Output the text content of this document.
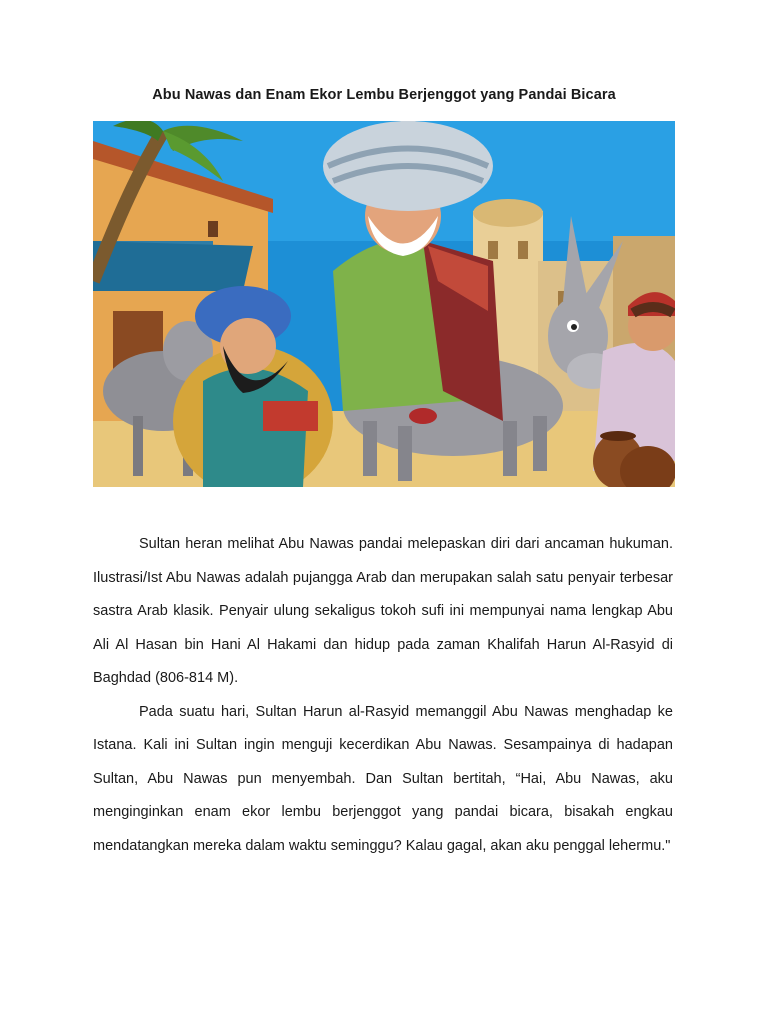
Abu Nawas dan Enam Ekor Lembu Berjenggot yang Pandai Bicara

Sultan heran melihat Abu Nawas pandai melepaskan diri dari ancaman hukuman. Ilustrasi/Ist Abu Nawas adalah pujangga Arab dan merupakan salah satu penyair terbesar sastra Arab klasik. Penyair ulung sekaligus tokoh sufi ini mempunyai nama lengkap Abu Ali Al Hasan bin Hani Al Hakami dan hidup pada zaman Khalifah Harun Al-Rasyid di Baghdad (806-814 M).

Pada suatu hari, Sultan Harun al-Rasyid memanggil Abu Nawas menghadap ke Istana. Kali ini Sultan ingin menguji kecerdikan Abu Nawas. Sesampainya di hadapan Sultan, Abu Nawas pun menyembah. Dan Sultan bertitah, “Hai, Abu Nawas, aku menginginkan enam ekor lembu berjenggot yang pandai bicara, bisakah engkau mendatangkan mereka dalam waktu seminggu? Kalau gagal, akan aku penggal lehermu."
